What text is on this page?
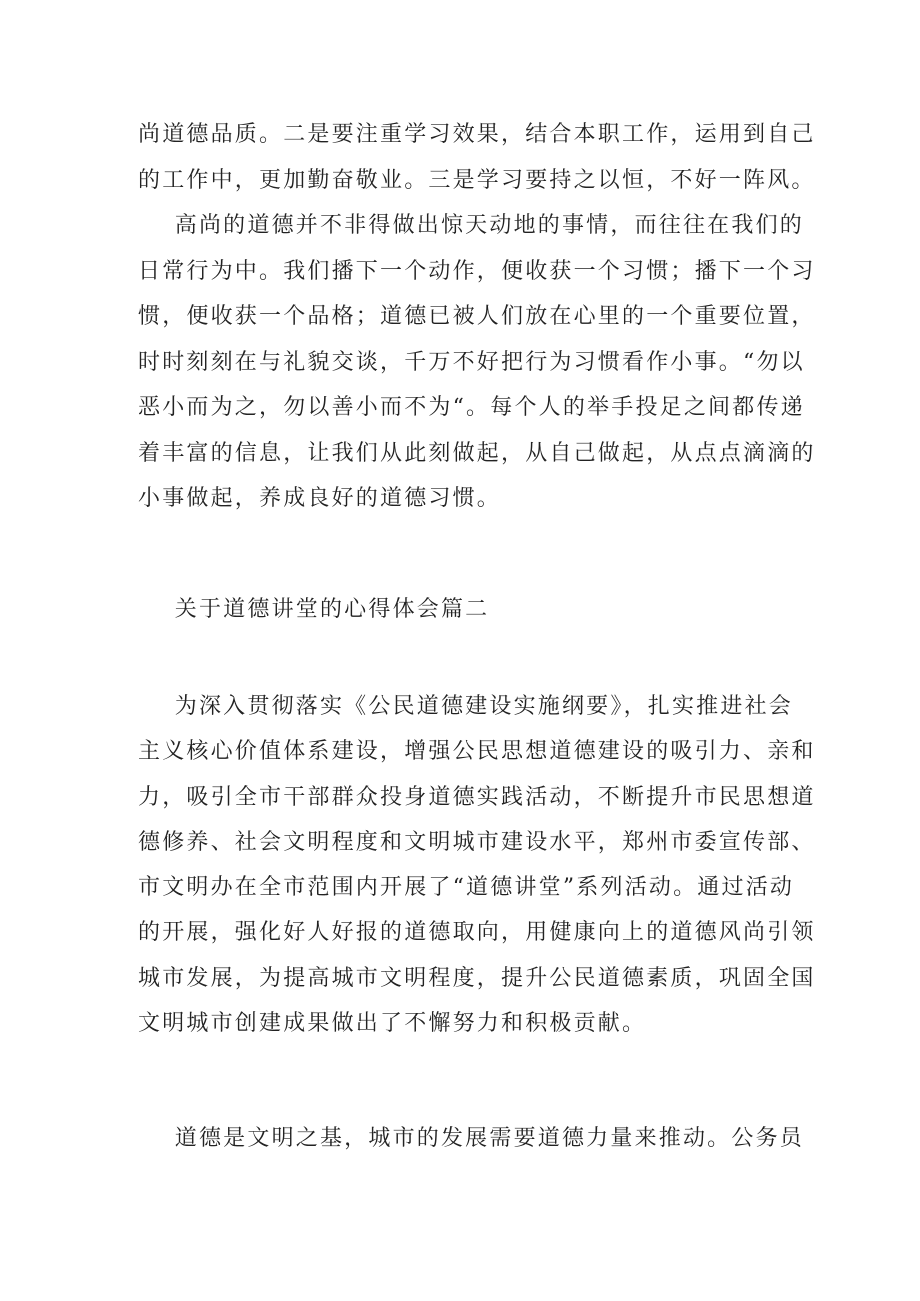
尚道德品质。二是要注重学习效果，结合本职工作，运用到自己

的工作中，更加勤奋敬业。三是学习要持之以恒，不好一阵风。

高尚的道德并不非得做出惊天动地的事情，而往往在我们的

日常行为中。我们播下一个动作，便收获一个习惯；播下一个习

惯，便收获一个品格；道德已被人们放在心里的一个重要位置，

时时刻刻在与礼貌交谈，千万不好把行为习惯看作小事。“勿以

恶小而为之，勿以善小而不为“。每个人的举手投足之间都传递

着丰富的信息，让我们从此刻做起，从自己做起，从点点滴滴的

小事做起，养成良好的道德习惯。

关于道德讲堂的心得体会篇二

为深入贯彻落实《公民道德建设实施纲要》，扎实推进社会

主义核心价值体系建设，增强公民思想道德建设的吸引力、亲和

力，吸引全市干部群众投身道德实践活动，不断提升市民思想道

德修养、社会文明程度和文明城市建设水平，郑州市委宣传部、

市文明办在全市范围内开展了“道德讲堂”系列活动。通过活动

的开展，强化好人好报的道德取向，用健康向上的道德风尚引领

城市发展，为提高城市文明程度，提升公民道德素质，巩固全国

文明城市创建成果做出了不懈努力和积极贡献。

道德是文明之基，城市的发展需要道德力量来推动。公务员
